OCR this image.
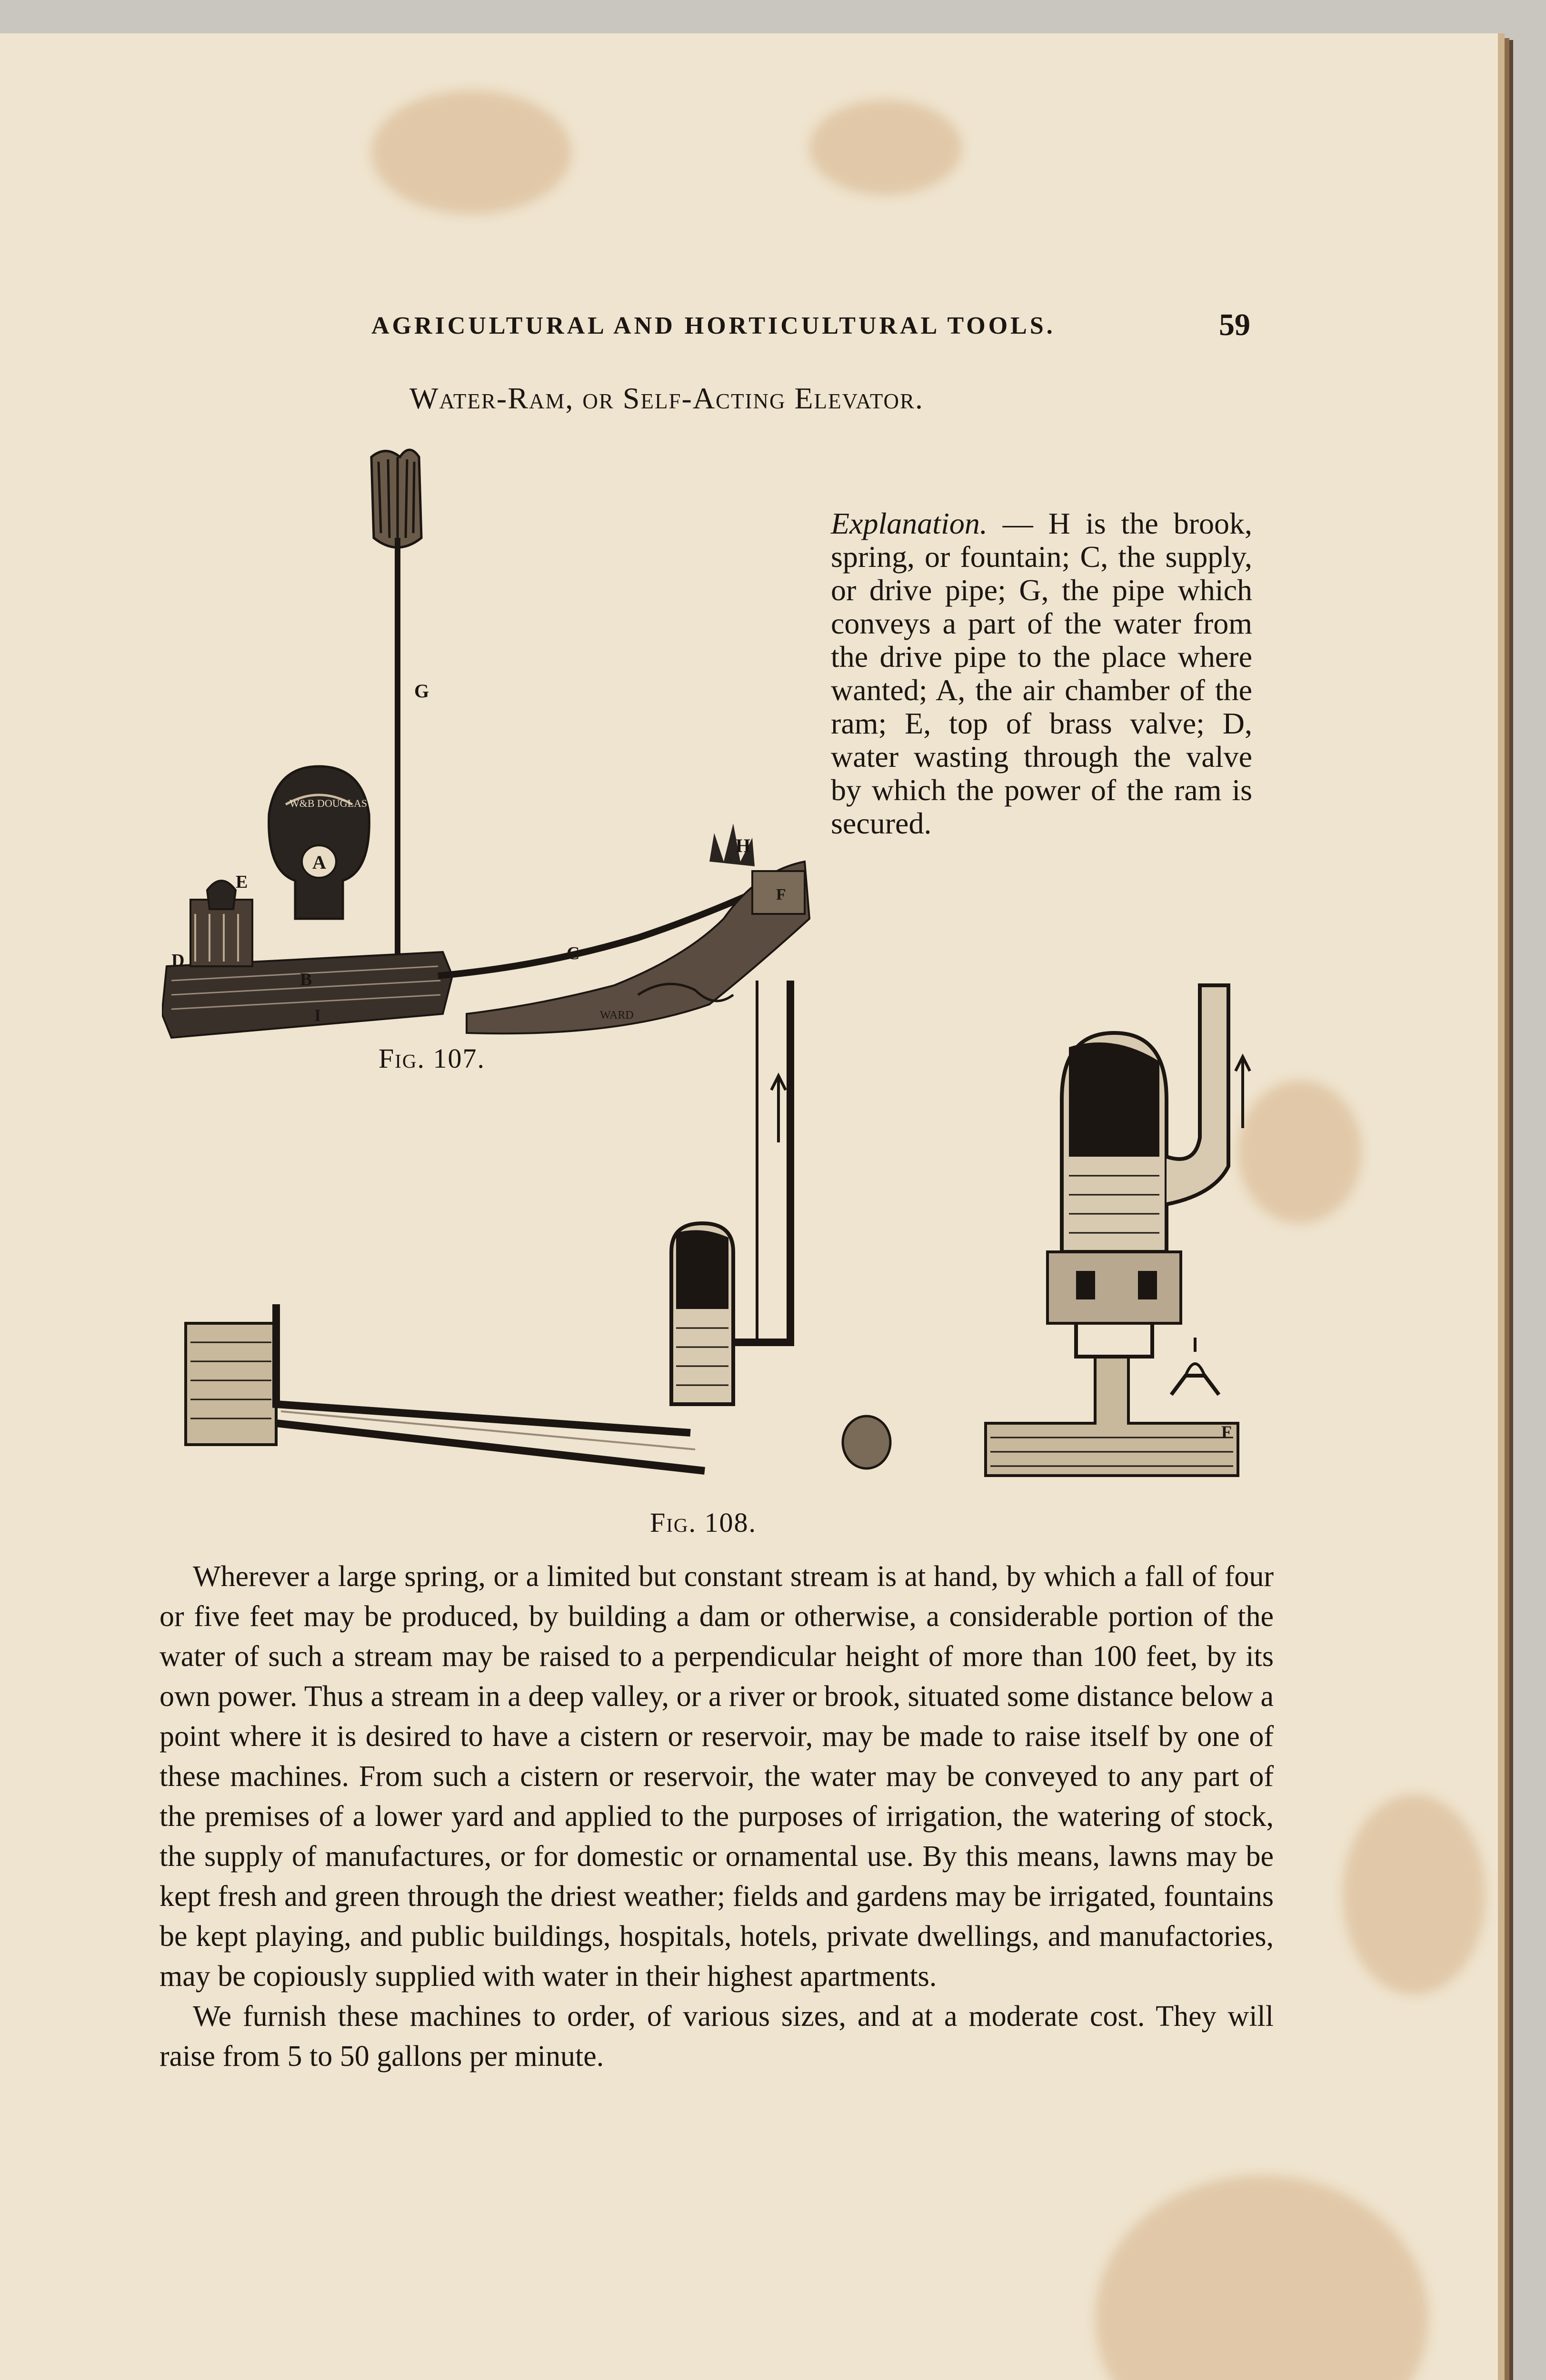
AGRICULTURAL AND HORTICULTURAL TOOLS.	59
Water-Ram, or Self-Acting Elevator.
Explanation. — H is the brook, spring, or fountain; C, the supply, or drive pipe; G, the pipe which conveys a part of the water from the drive pipe to the place where wanted; A, the air chamber of the ram; E, top of brass valve; D, water wasting through the valve by which the power of the ram is secured.
G
W&B DOUGLAS
A
E
D
B
I
C
H
F
WARD
Fig. 107.
F
Fig. 108.

Wherever a large spring, or a limited but constant stream is at hand, by which a fall of four or five feet may be produced, by building a dam or otherwise, a considerable portion of the water of such a stream may be raised to a perpendicular height of more than 100 feet, by its own power. Thus a stream in a deep valley, or a river or brook, situated some distance below a point where it is desired to have a cistern or reservoir, may be made to raise itself by one of these machines. From such a cistern or reservoir, the water may be conveyed to any part of the premises of a lower yard and applied to the purposes of irrigation, the watering of stock, the supply of manufactures, or for domestic or ornamental use. By this means, lawns may be kept fresh and green through the driest weather; fields and gardens may be irrigated, fountains be kept playing, and public buildings, hospitals, hotels, private dwellings, and manufactories, may be copiously supplied with water in their highest apartments.

We furnish these machines to order, of various sizes, and at a moderate cost. They will raise from 5 to 50 gallons per minute.
